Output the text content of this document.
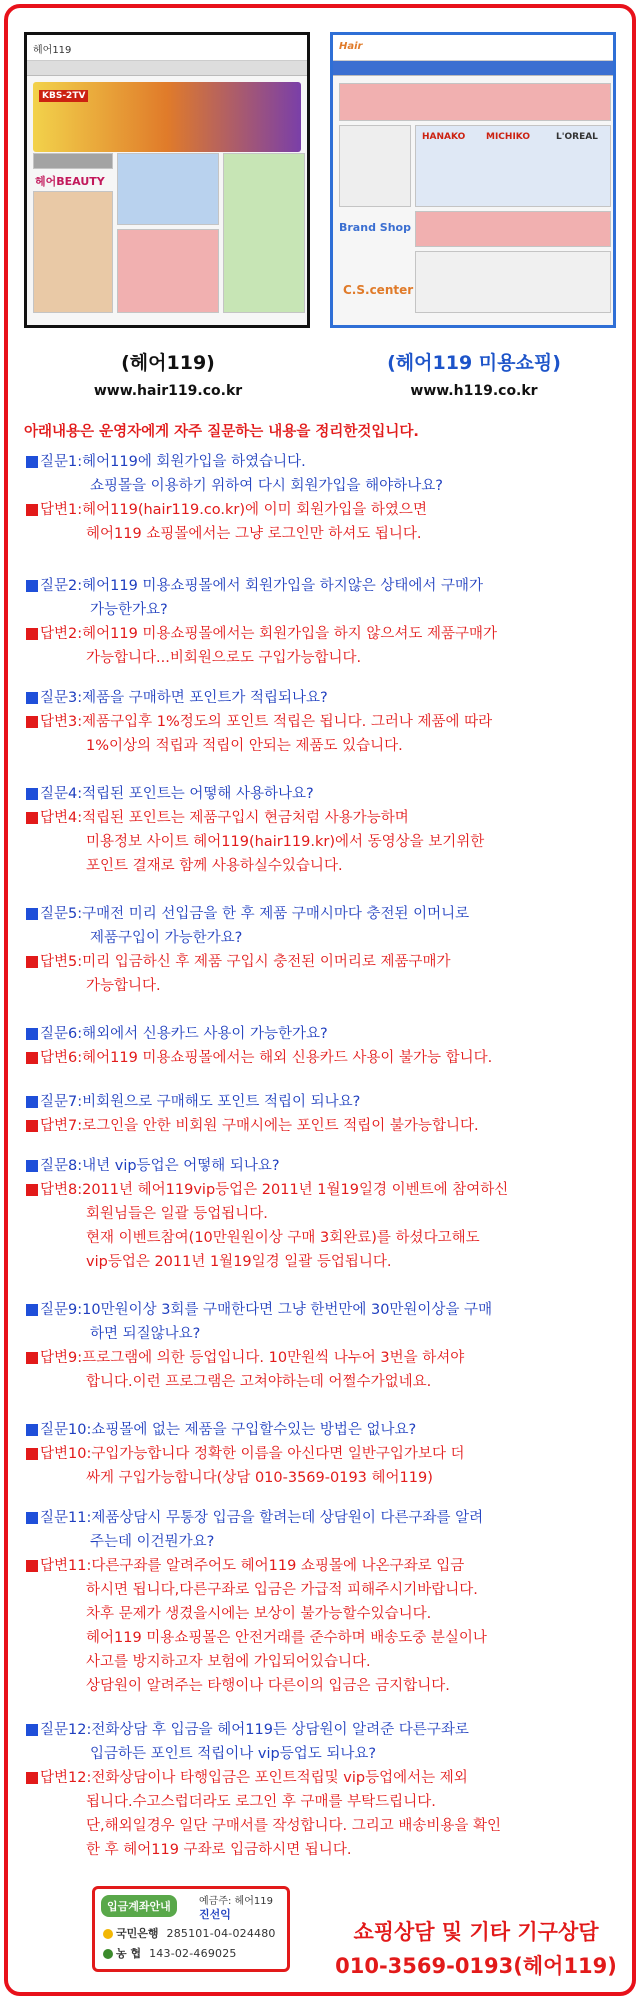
헤어119
KBS-2TV
헤어BEAUTY
Hair
HANAKO MICHIKO	L'OREAL
Brand Shop
C.S.center
(헤어119)
www.hair119.co.kr
(헤어119 미용쇼핑)
www.h119.co.kr
아래내용은 운영자에게 자주 질문하는 내용을 정리한것입니다.
질문1:헤어119에 회원가입을 하였습니다.
쇼핑몰을 이용하기 위하여 다시 회원가입을 해야하나요?
답변1:헤어119(hair119.co.kr)에 이미 회원가입을 하였으면
헤어119 쇼핑몰에서는 그냥 로그인만 하셔도 됩니다.
질문2:헤어119 미용쇼핑몰에서 회원가입을 하지않은 상태에서 구매가
가능한가요?
답변2:헤어119 미용쇼핑몰에서는 회원가입을 하지 않으셔도 제품구매가
가능합니다...비회원으로도 구입가능합니다.
질문3:제품을 구매하면 포인트가 적립되나요?
답변3:제품구입후 1%정도의 포인트 적립은 됩니다. 그러나 제품에 따라
1%이상의 적립과 적립이 안되는 제품도 있습니다.
질문4:적립된 포인트는 어떻해 사용하나요?
답변4:적립된 포인트는 제품구입시 현금처럼 사용가능하며
미용정보 사이트 헤어119(hair119.kr)에서 동영상을 보기위한
포인트 결재로 함께 사용하실수있습니다.
질문5:구매전 미리 선입금을 한 후 제품 구매시마다 충전된 이머니로
제품구입이 가능한가요?
답변5:미리 입금하신 후 제품 구입시 충전된 이머리로 제품구매가
가능합니다.
질문6:해외에서 신용카드 사용이 가능한가요?
답변6:헤어119 미용쇼핑몰에서는 해외 신용카드 사용이 불가능 합니다.
질문7:비회원으로 구매해도 포인트 적립이 되나요?
답변7:로그인을 안한 비회원 구매시에는 포인트 적립이 불가능합니다.
질문8:내년 vip등업은 어떻해 되나요?
답변8:2011년 헤어119vip등업은 2011년 1월19일경 이벤트에 참여하신
회원님들은 일괄 등업됩니다.
현재 이벤트참여(10만원원이상 구매 3회완료)를 하셨다고해도
vip등업은 2011년 1월19일경 일괄 등업됩니다.
질문9:10만원이상 3회를 구매한다면 그냥 한번만에 30만원이상을 구매
하면 되질않나요?
답변9:프로그램에 의한 등업입니다. 10만원씩 나누어 3번을 하셔야
합니다.이런 프로그램은 고쳐야하는데 어쩔수가없네요.
질문10:쇼핑몰에 없는 제품을 구입할수있는 방법은 없나요?
답변10:구입가능합니다 정확한 이름을 아신다면 일반구입가보다 더
싸게 구입가능합니다(상담 010-3569-0193 헤어119)
질문11:제품상담시 무통장 입금을 할려는데 상담원이 다른구좌를 알려
주는데 이건뭔가요?
답변11:다른구좌를 알려주어도 헤어119 쇼핑몰에 나온구좌로 입금
하시면 됩니다,다른구좌로 입금은 가급적 피해주시기바랍니다.
차후 문제가 생겼을시에는 보상이 불가능할수있습니다.
헤어119 미용쇼핑몰은 안전거래를 준수하며 배송도중 분실이나
사고를 방지하고자 보험에 가입되어있습니다.
상담원이 알려주는 타행이나 다른이의 입금은 금지합니다.
질문12:전화상담 후 입금을 헤어119든 상담원이 알려준 다른구좌로
입금하든 포인트 적립이나 vip등업도 되나요?
답변12:전화상담이나 타행입금은 포인트적립및 vip등업에서는 제외
됩니다.수고스럽더라도 로그인 후 구매를 부탁드립니다.
단,해외일경우 일단 구매서를 작성합니다. 그리고 배송비용을 확인
한 후 헤어119 구좌로 입금하시면 됩니다.
입금계좌안내	예금주: 헤어119
진선익
국민은행 285101-04-024480
농 협 143-02-469025
쇼핑상담 및 기타 기구상담
010-3569-0193(헤어119)
